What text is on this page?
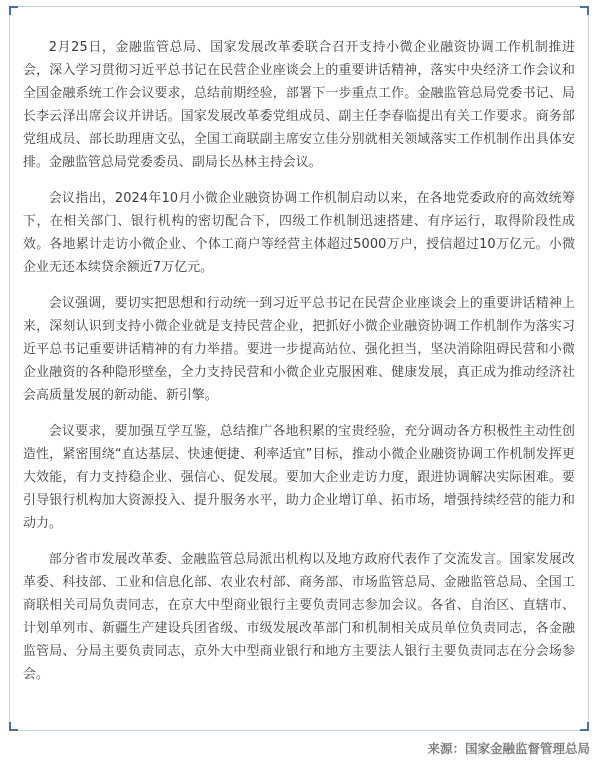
2月25日，金融监管总局、国家发展改革委联合召开支持小微企业融资协调工作机制推进会，深入学习贯彻习近平总书记在民营企业座谈会上的重要讲话精神，落实中央经济工作会议和全国金融系统工作会议要求，总结前期经验，部署下一步重点工作。金融监管总局党委书记、局长李云泽出席会议并讲话。国家发展改革委党组成员、副主任李春临提出有关工作要求。商务部党组成员、部长助理唐文弘，全国工商联副主席安立佳分别就相关领域落实工作机制作出具体安排。金融监管总局党委委员、副局长丛林主持会议。

会议指出，2024年10月小微企业融资协调工作机制启动以来，在各地党委政府的高效统筹下，在相关部门、银行机构的密切配合下，四级工作机制迅速搭建、有序运行，取得阶段性成效。各地累计走访小微企业、个体工商户等经营主体超过5000万户，授信超过10万亿元。小微企业无还本续贷余额近7万亿元。

会议强调，要切实把思想和行动统一到习近平总书记在民营企业座谈会上的重要讲话精神上来，深刻认识到支持小微企业就是支持民营企业，把抓好小微企业融资协调工作机制作为落实习近平总书记重要讲话精神的有力举措。要进一步提高站位、强化担当，坚决消除阻碍民营和小微企业融资的各种隐形壁垒，全力支持民营和小微企业克服困难、健康发展，真正成为推动经济社会高质量发展的新动能、新引擎。

会议要求，要加强互学互鉴，总结推广各地积累的宝贵经验，充分调动各方积极性主动性创造性，紧密围绕“直达基层、快速便捷、利率适宜”目标，推动小微企业融资协调工作机制发挥更大效能，有力支持稳企业、强信心、促发展。要加大企业走访力度，跟进协调解决实际困难。要引导银行机构加大资源投入、提升服务水平，助力企业增订单、拓市场，增强持续经营的能力和动力。

部分省市发展改革委、金融监管总局派出机构以及地方政府代表作了交流发言。国家发展改革委、科技部、工业和信息化部、农业农村部、商务部、市场监管总局、金融监管总局、全国工商联相关司局负责同志，在京大中型商业银行主要负责同志参加会议。各省、自治区、直辖市、计划单列市、新疆生产建设兵团省级、市级发展改革部门和机制相关成员单位负责同志，各金融监管局、分局主要负责同志，京外大中型商业银行和地方主要法人银行主要负责同志在分会场参会。

来源：国家金融监督管理总局
